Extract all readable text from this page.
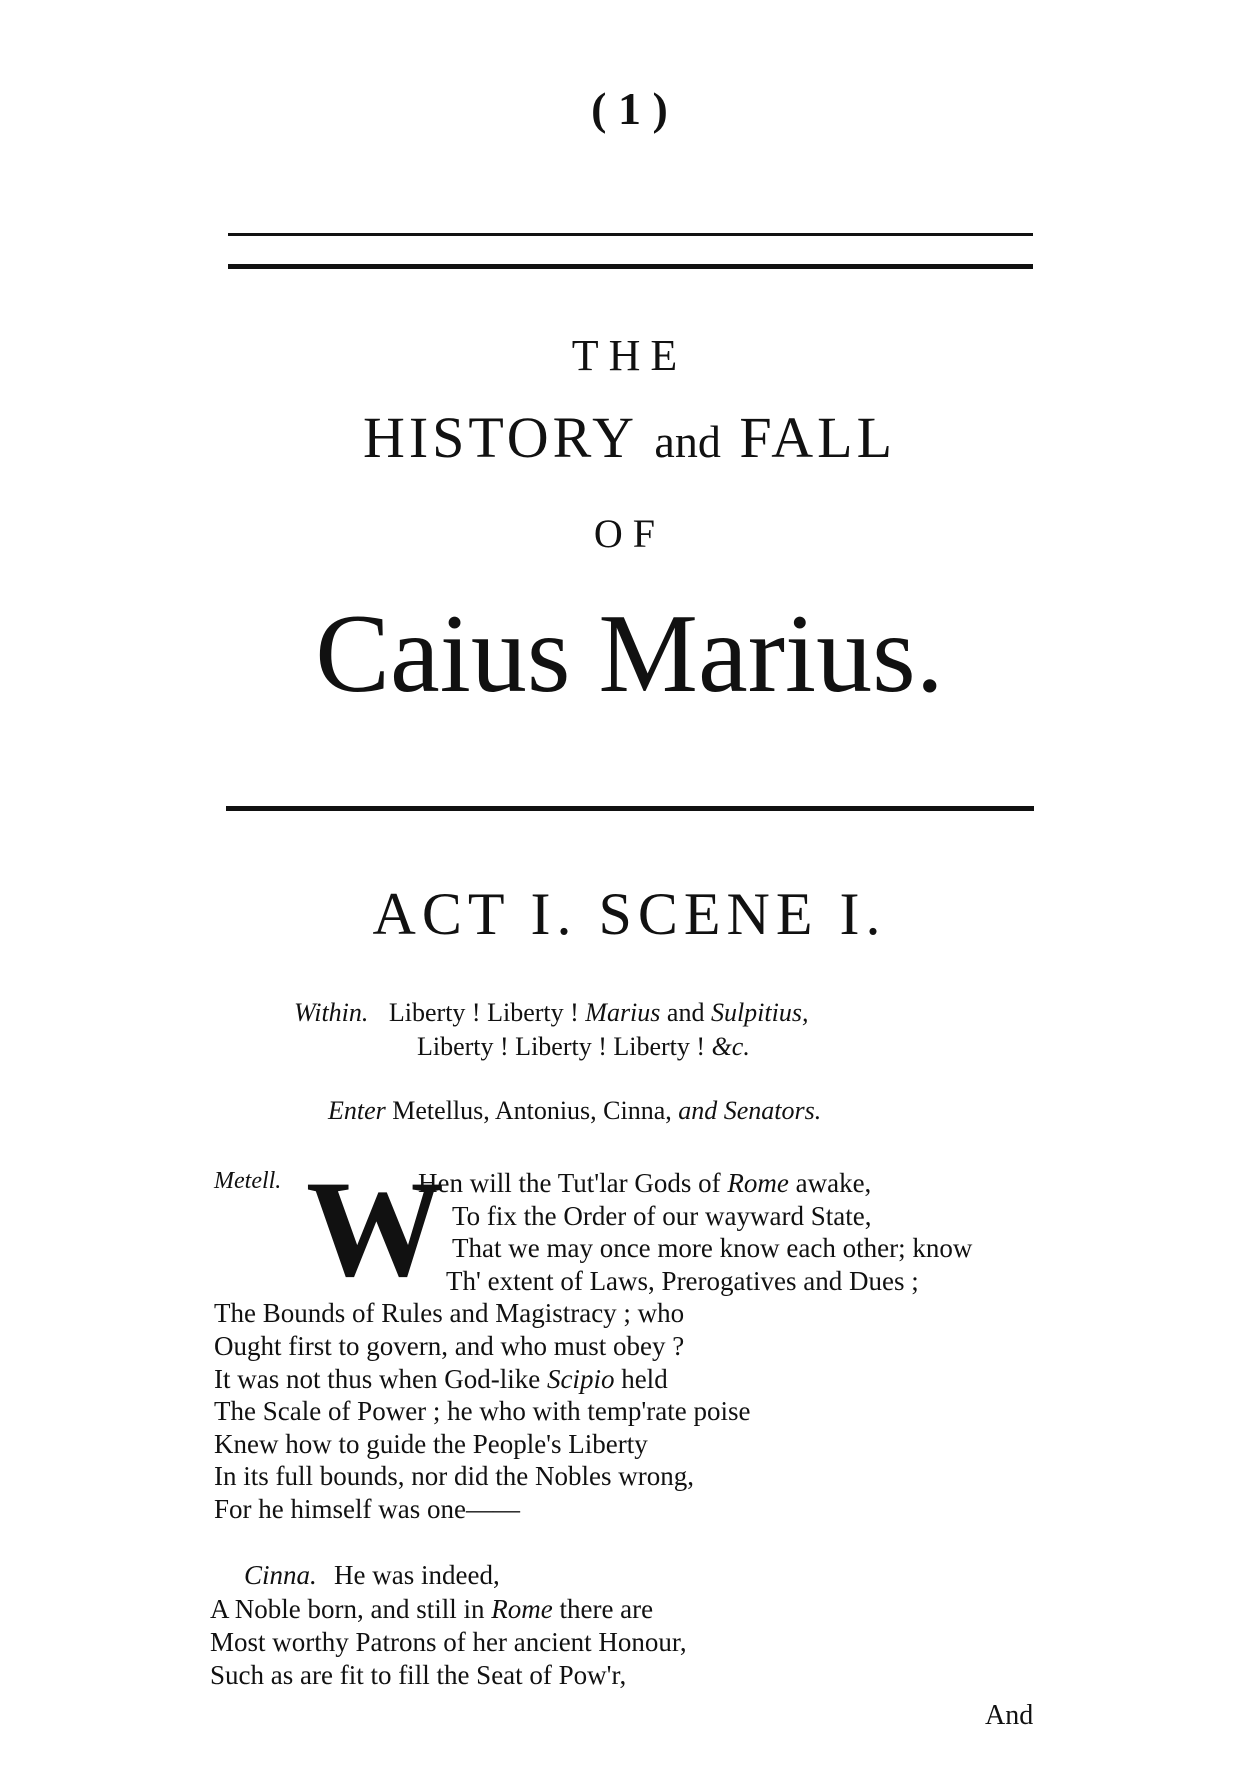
( 1 )
THE
HISTORY and FALL
OF
Caius Marius.
ACT I. SCENE I.
Within. Liberty ! Liberty ! Marius and Sulpitius,
Liberty ! Liberty ! Liberty ! &c.
Enter Metellus, Antonius, Cinna, and Senators.
Metell. W
Hen will the Tut'lar Gods of Rome awake,
To fix the Order of our wayward State,
That we may once more know each other; know
Th' extent of Laws, Prerogatives and Dues ;
The Bounds of Rules and Magistracy ; who
Ought first to govern, and who must obey ?
It was not thus when God-like Scipio held
The Scale of Power ; he who with temp'rate poise
Knew how to guide the People's Liberty
In its full bounds, nor did the Nobles wrong,
For he himself was one——
Cinna. He was indeed,
A Noble born, and still in Rome there are
Most worthy Patrons of her ancient Honour,
Such as are fit to fill the Seat of Pow'r,
And
